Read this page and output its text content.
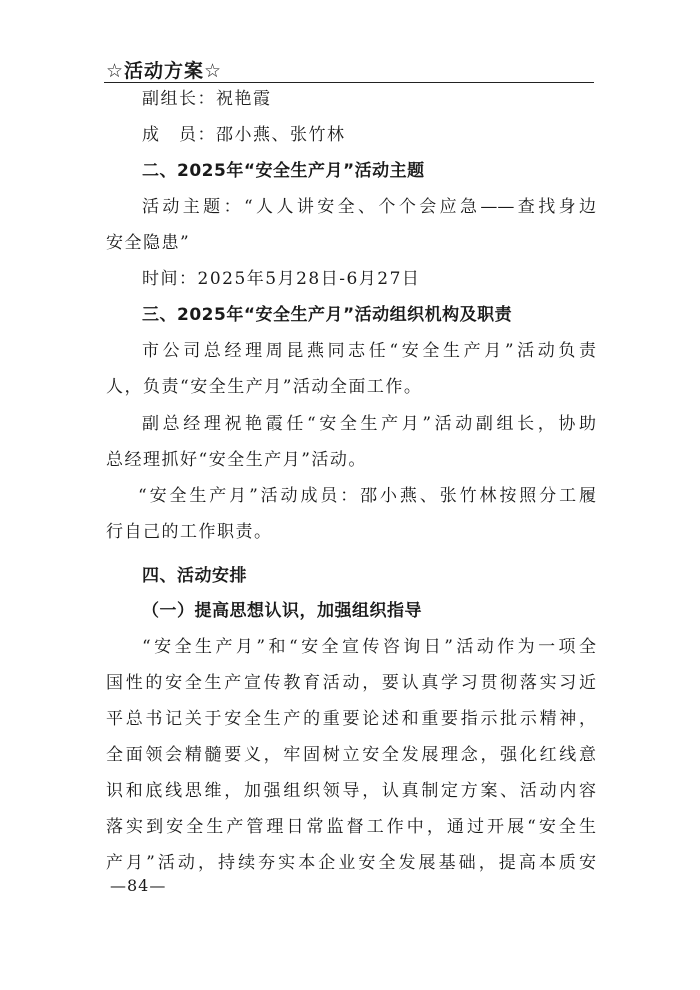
☆活动方案☆
副组长：祝艳霞
成　员：邵小燕、张竹林
二、2025年“安全生产月”活动主题
活动主题：“人人讲安全、个个会应急——查找身边
安全隐患”
时间：2025年5月28日-6月27日
三、2025年“安全生产月”活动组织机构及职责
市公司总经理周昆燕同志任“安全生产月”活动负责
人，负责“安全生产月”活动全面工作。
副总经理祝艳霞任“安全生产月”活动副组长，协助
总经理抓好“安全生产月”活动。
“安全生产月”活动成员：邵小燕、张竹林按照分工履
行自己的工作职责。
四、活动安排
（一）提高思想认识，加强组织指导
“安全生产月”和“安全宣传咨询日”活动作为一项全
国性的安全生产宣传教育活动，要认真学习贯彻落实习近
平总书记关于安全生产的重要论述和重要指示批示精神，
全面领会精髓要义，牢固树立安全发展理念，强化红线意
识和底线思维，加强组织领导，认真制定方案、活动内容
落实到安全生产管理日常监督工作中，通过开展“安全生
产月”活动，持续夯实本企业安全发展基础，提高本质安
—84—
